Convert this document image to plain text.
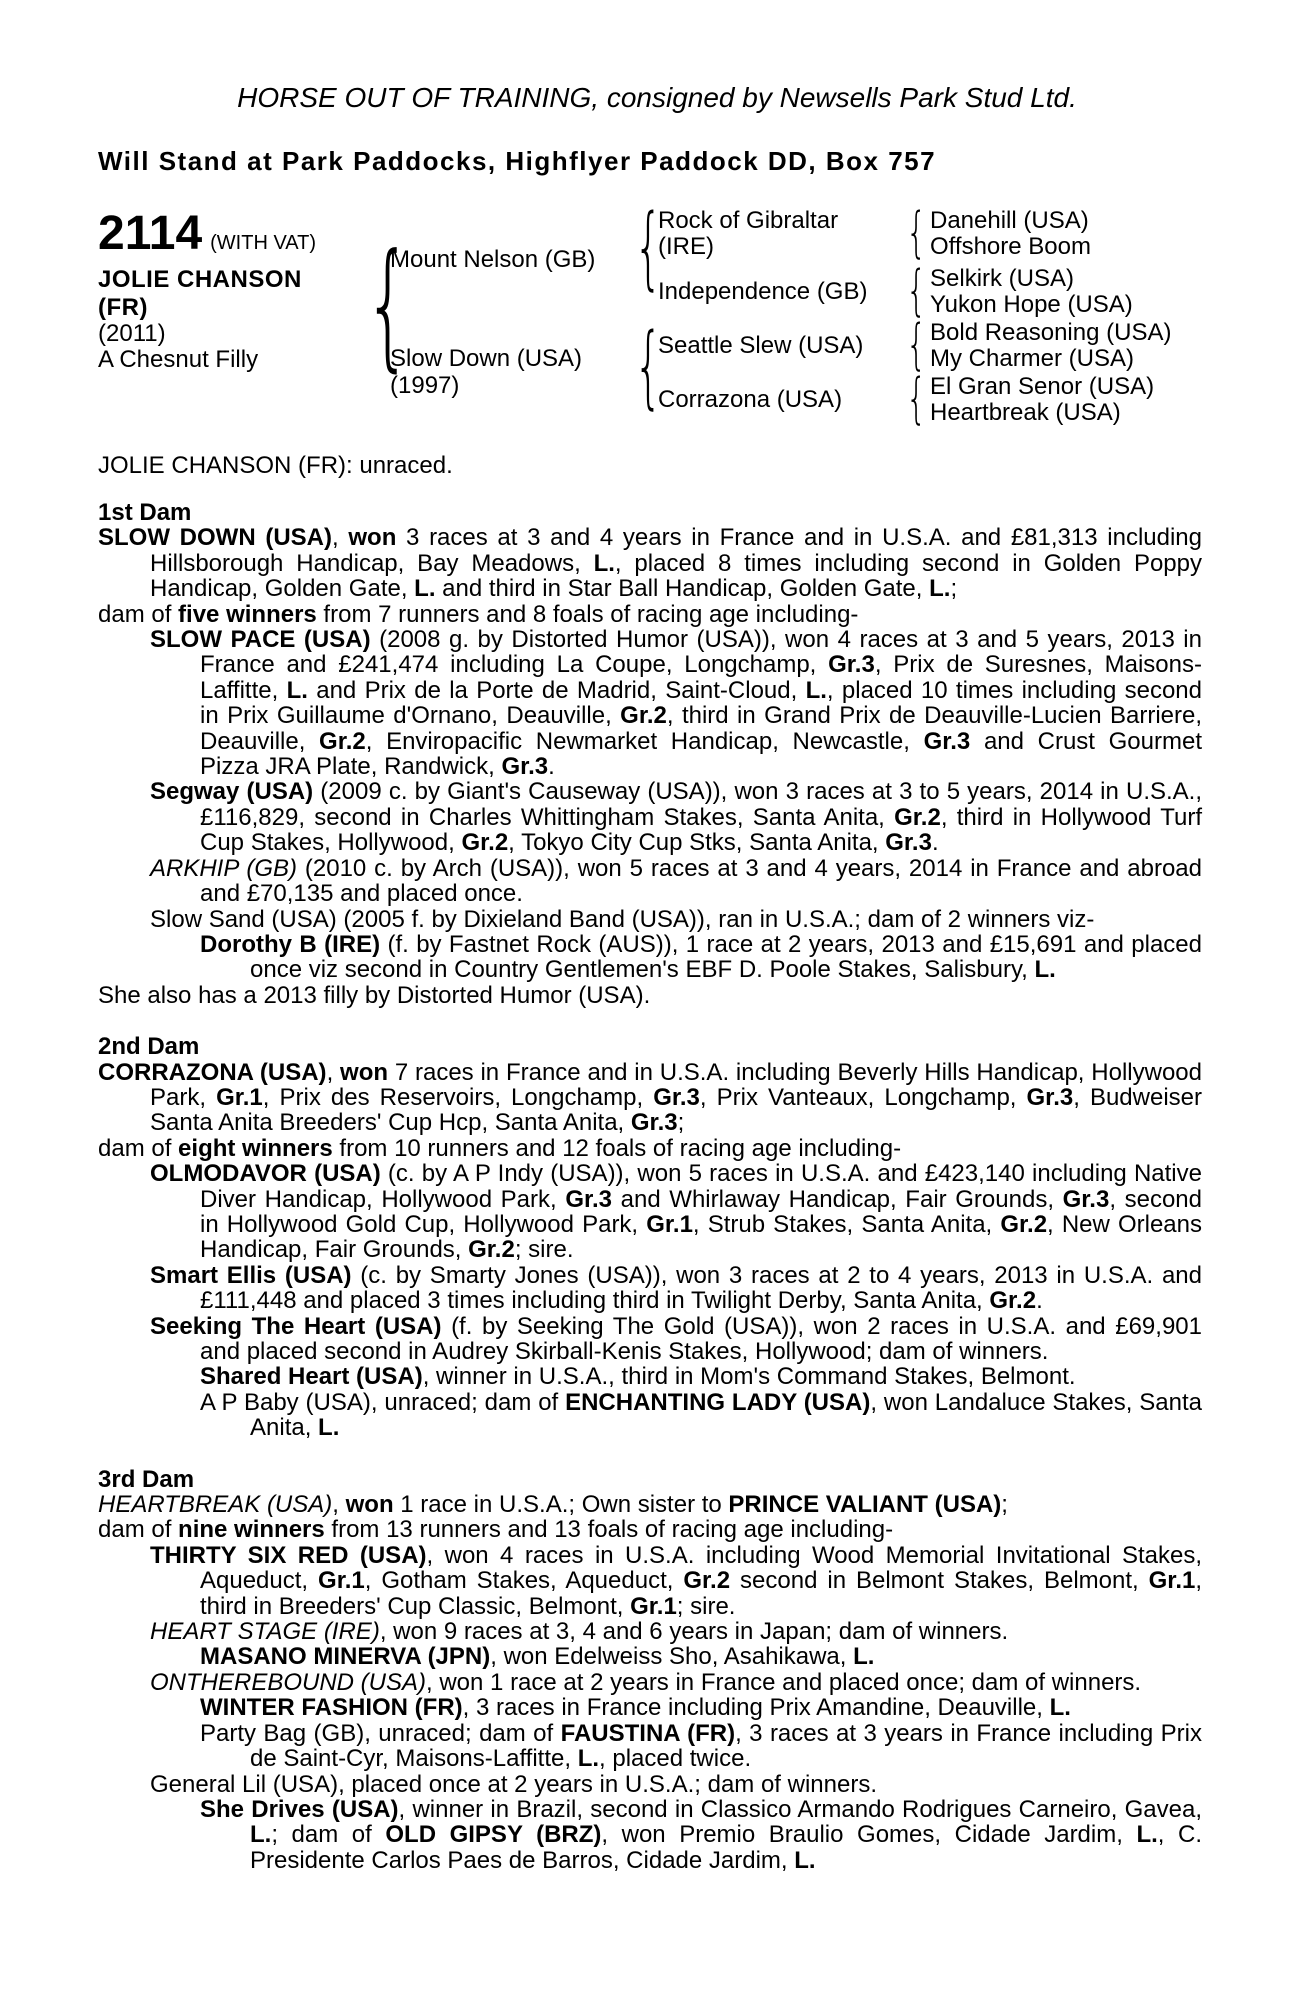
HORSE OUT OF TRAINING, consigned by Newsells Park Stud Ltd.
Will Stand at Park Paddocks, Highflyer Paddock DD, Box 757
2114 (WITH VAT)
JOLIE CHANSON
(FR)
(2011)
A Chesnut Filly {
Mount Nelson (GB)
Slow Down (USA)
(1997)
{
Rock of Gibraltar
(IRE)
Independence (GB)
{
Seattle Slew (USA)
Corrazona (USA)
{ Danehill (USA)
Offshore Boom
{ Selkirk (USA)
Yukon Hope (USA)
{ Bold Reasoning (USA)
My Charmer (USA)
{ El Gran Senor (USA)
Heartbreak (USA)
JOLIE CHANSON (FR): unraced.

1st Dam

SLOW DOWN (USA), won 3 races at 3 and 4 years in France and in U.S.A. and £81,313 including Hillsborough Handicap, Bay Meadows, L., placed 8 times including second in Golden Poppy Handicap, Golden Gate, L. and third in Star Ball Handicap, Golden Gate, L.;

dam of five winners from 7 runners and 8 foals of racing age including-

SLOW PACE (USA) (2008 g. by Distorted Humor (USA)), won 4 races at 3 and 5 years, 2013 in France and £241,474 including La Coupe, Longchamp, Gr.3, Prix de Suresnes, Maisons-Laffitte, L. and Prix de la Porte de Madrid, Saint-Cloud, L., placed 10 times including second in Prix Guillaume d'Ornano, Deauville, Gr.2, third in Grand Prix de Deauville-Lucien Barriere, Deauville, Gr.2, Enviropacific Newmarket Handicap, Newcastle, Gr.3 and Crust Gourmet Pizza JRA Plate, Randwick, Gr.3.

Segway (USA) (2009 c. by Giant's Causeway (USA)), won 3 races at 3 to 5 years, 2014 in U.S.A., £116,829, second in Charles Whittingham Stakes, Santa Anita, Gr.2, third in Hollywood Turf Cup Stakes, Hollywood, Gr.2, Tokyo City Cup Stks, Santa Anita, Gr.3.

ARKHIP (GB) (2010 c. by Arch (USA)), won 5 races at 3 and 4 years, 2014 in France and abroad and £70,135 and placed once.

Slow Sand (USA) (2005 f. by Dixieland Band (USA)), ran in U.S.A.; dam of 2 winners viz-

Dorothy B (IRE) (f. by Fastnet Rock (AUS)), 1 race at 2 years, 2013 and £15,691 and placed once viz second in Country Gentlemen's EBF D. Poole Stakes, Salisbury, L.

She also has a 2013 filly by Distorted Humor (USA).

2nd Dam

CORRAZONA (USA), won 7 races in France and in U.S.A. including Beverly Hills Handicap, Hollywood Park, Gr.1, Prix des Reservoirs, Longchamp, Gr.3, Prix Vanteaux, Longchamp, Gr.3, Budweiser Santa Anita Breeders' Cup Hcp, Santa Anita, Gr.3;

dam of eight winners from 10 runners and 12 foals of racing age including-

OLMODAVOR (USA) (c. by A P Indy (USA)), won 5 races in U.S.A. and £423,140 including Native Diver Handicap, Hollywood Park, Gr.3 and Whirlaway Handicap, Fair Grounds, Gr.3, second in Hollywood Gold Cup, Hollywood Park, Gr.1, Strub Stakes, Santa Anita, Gr.2, New Orleans Handicap, Fair Grounds, Gr.2; sire.

Smart Ellis (USA) (c. by Smarty Jones (USA)), won 3 races at 2 to 4 years, 2013 in U.S.A. and £111,448 and placed 3 times including third in Twilight Derby, Santa Anita, Gr.2.

Seeking The Heart (USA) (f. by Seeking The Gold (USA)), won 2 races in U.S.A. and £69,901 and placed second in Audrey Skirball-Kenis Stakes, Hollywood; dam of winners.

Shared Heart (USA), winner in U.S.A., third in Mom's Command Stakes, Belmont.

A P Baby (USA), unraced; dam of ENCHANTING LADY (USA), won Landaluce Stakes, Santa Anita, L.

3rd Dam

HEARTBREAK (USA), won 1 race in U.S.A.; Own sister to PRINCE VALIANT (USA);

dam of nine winners from 13 runners and 13 foals of racing age including-

THIRTY SIX RED (USA), won 4 races in U.S.A. including Wood Memorial Invitational Stakes, Aqueduct, Gr.1, Gotham Stakes, Aqueduct, Gr.2 second in Belmont Stakes, Belmont, Gr.1, third in Breeders' Cup Classic, Belmont, Gr.1; sire.

HEART STAGE (IRE), won 9 races at 3, 4 and 6 years in Japan; dam of winners.

MASANO MINERVA (JPN), won Edelweiss Sho, Asahikawa, L.

ONTHEREBOUND (USA), won 1 race at 2 years in France and placed once; dam of winners.

WINTER FASHION (FR), 3 races in France including Prix Amandine, Deauville, L.

Party Bag (GB), unraced; dam of FAUSTINA (FR), 3 races at 3 years in France including Prix de Saint-Cyr, Maisons-Laffitte, L., placed twice.

General Lil (USA), placed once at 2 years in U.S.A.; dam of winners.

She Drives (USA), winner in Brazil, second in Classico Armando Rodrigues Carneiro, Gavea, L.; dam of OLD GIPSY (BRZ), won Premio Braulio Gomes, Cidade Jardim, L., C. Presidente Carlos Paes de Barros, Cidade Jardim, L.
